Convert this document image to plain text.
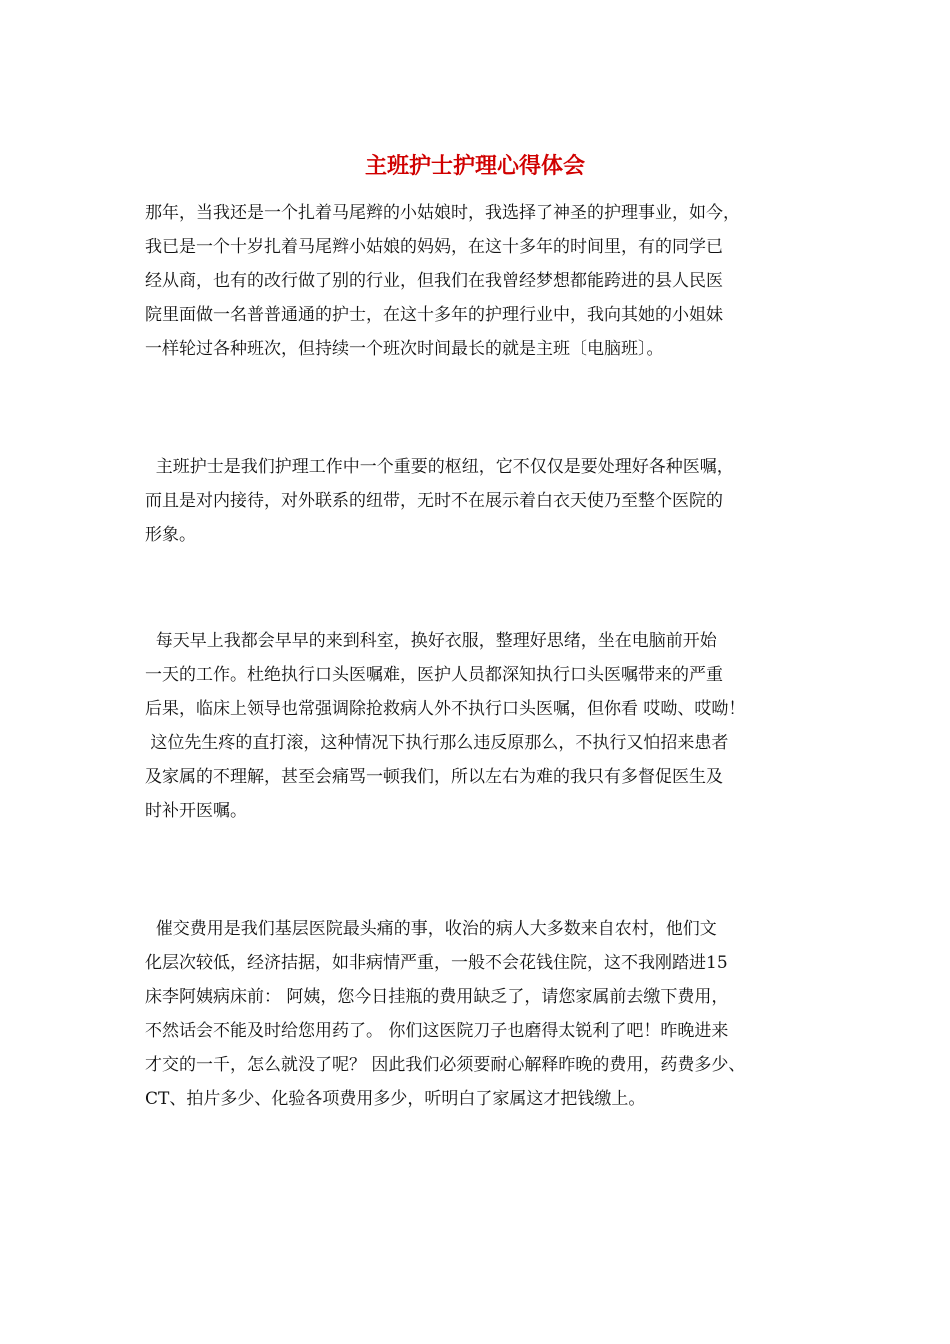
主班护士护理心得体会
那年，当我还是一个扎着马尾辫的小姑娘时，我选择了神圣的护理事业，如今，
我已是一个十岁扎着马尾辫小姑娘的妈妈，在这十多年的时间里，有的同学已
经从商，也有的改行做了别的行业，但我们在我曾经梦想都能跨进的县人民医
院里面做一名普普通通的护士，在这十多年的护理行业中，我向其她的小姐妹
一样轮过各种班次，但持续一个班次时间最长的就是主班〔电脑班〕。
主班护士是我们护理工作中一个重要的枢纽，它不仅仅是要处理好各种医嘱，
而且是对内接待，对外联系的纽带，无时不在展示着白衣天使乃至整个医院的
形象。
每天早上我都会早早的来到科室，换好衣服，整理好思绪，坐在电脑前开始
一天的工作。杜绝执行口头医嘱难，医护人员都深知执行口头医嘱带来的严重
后果，临床上领导也常强调除抢救病人外不执行口头医嘱，但你看 哎呦、哎呦！
这位先生疼的直打滚，这种情况下执行那么违反原那么，不执行又怕招来患者
及家属的不理解，甚至会痛骂一顿我们，所以左右为难的我只有多督促医生及
时补开医嘱。
催交费用是我们基层医院最头痛的事，收治的病人大多数来自农村，他们文
化层次较低，经济拮据，如非病情严重，一般不会花钱住院，这不我刚踏进15
床李阿姨病床前： 阿姨，您今日挂瓶的费用缺乏了，请您家属前去缴下费用，
不然话会不能及时给您用药了。 你们这医院刀子也磨得太锐利了吧！昨晚进来
才交的一千，怎么就没了呢？ 因此我们必须要耐心解释昨晚的费用，药费多少、
CT、拍片多少、化验各项费用多少，听明白了家属这才把钱缴上。
